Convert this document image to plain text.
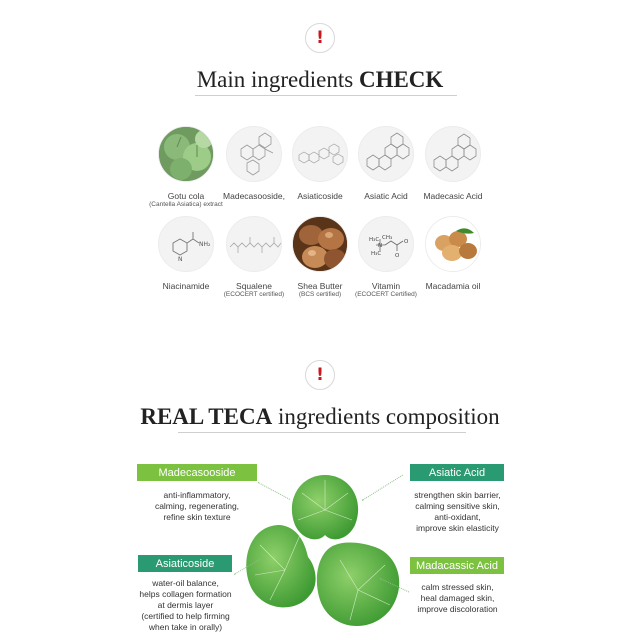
!
Main ingredients CHECK
Gotu cola
(Cantella Asiatica) extract
Madecasooside,	Asiaticoside	Asiatic Acid	Madecasic Acid
NH₂
N
Niacinamide	Squalene
(ECOCERT certified)
Shea Butter
(BCS certified)
H₃C
N
CH₃
H₃C	O
O
Vitamin
(ECOCERT Certified)
Macadamia oil
!
REAL TECA ingredients composition
Madecasooside
anti-inflammatory,
calming, regenerating,
refine skin texture
Asiatic Acid
strengthen skin barrier,
calming sensitive skin,
anti-oxidant,
improve skin elasticity
Asiaticoside
water-oil balance,
helps collagen formation
at dermis layer
(certified to help firming
when take in orally)
Madacassic Acid
calm stressed skin,
heal damaged skin,
improve discoloration
